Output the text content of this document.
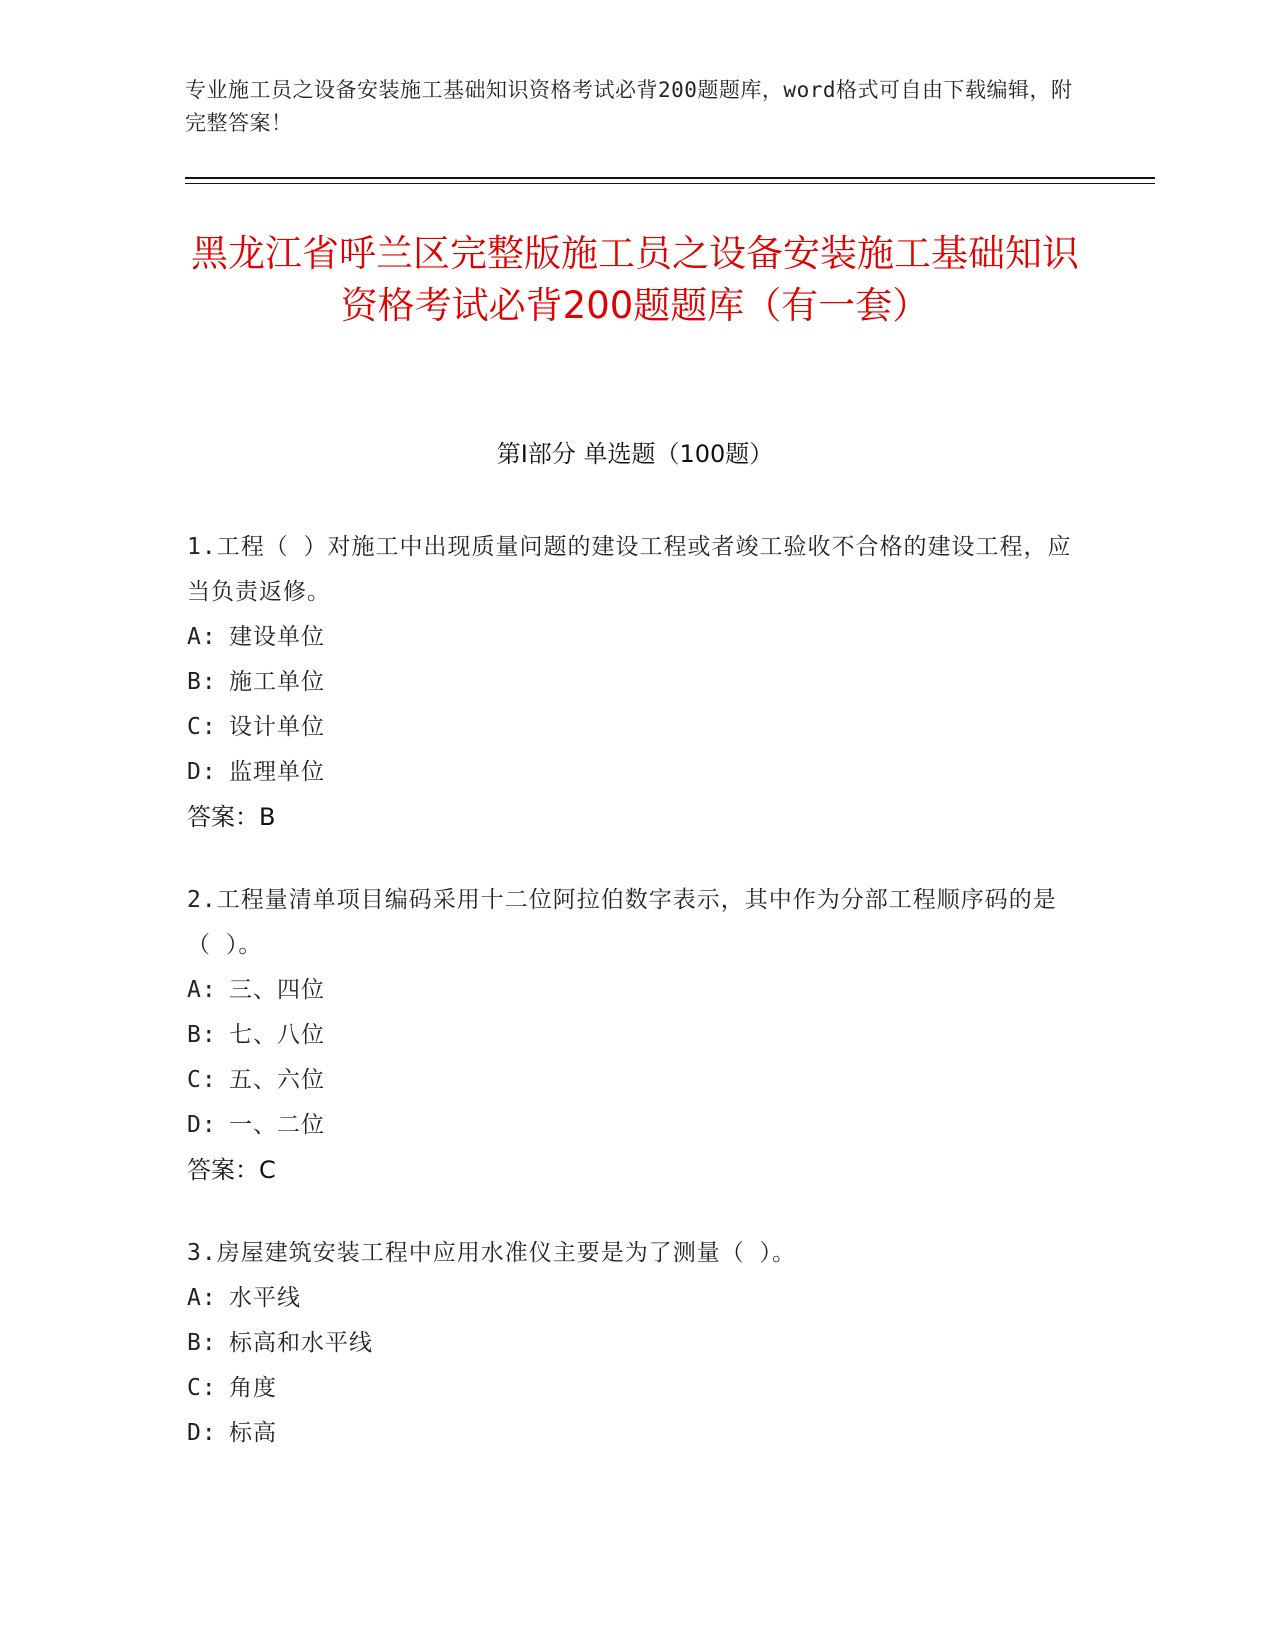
专业施工员之设备安装施工基础知识资格考试必背200题题库，word格式可自由下载编辑，附完整答案！
黑龙江省呼兰区完整版施工员之设备安装施工基础知识资格考试必背200题题库（有一套）
第I部分 单选题（100题）
1.工程（ ）对施工中出现质量问题的建设工程或者竣工验收不合格的建设工程，应当负责返修。
A: 建设单位
B: 施工单位
C: 设计单位
D: 监理单位
答案：B
2.工程量清单项目编码采用十二位阿拉伯数字表示，其中作为分部工程顺序码的是（ ）。
A: 三、四位
B: 七、八位
C: 五、六位
D: 一、二位
答案：C
3.房屋建筑安装工程中应用水准仪主要是为了测量（ ）。
A: 水平线
B: 标高和水平线
C: 角度
D: 标高
